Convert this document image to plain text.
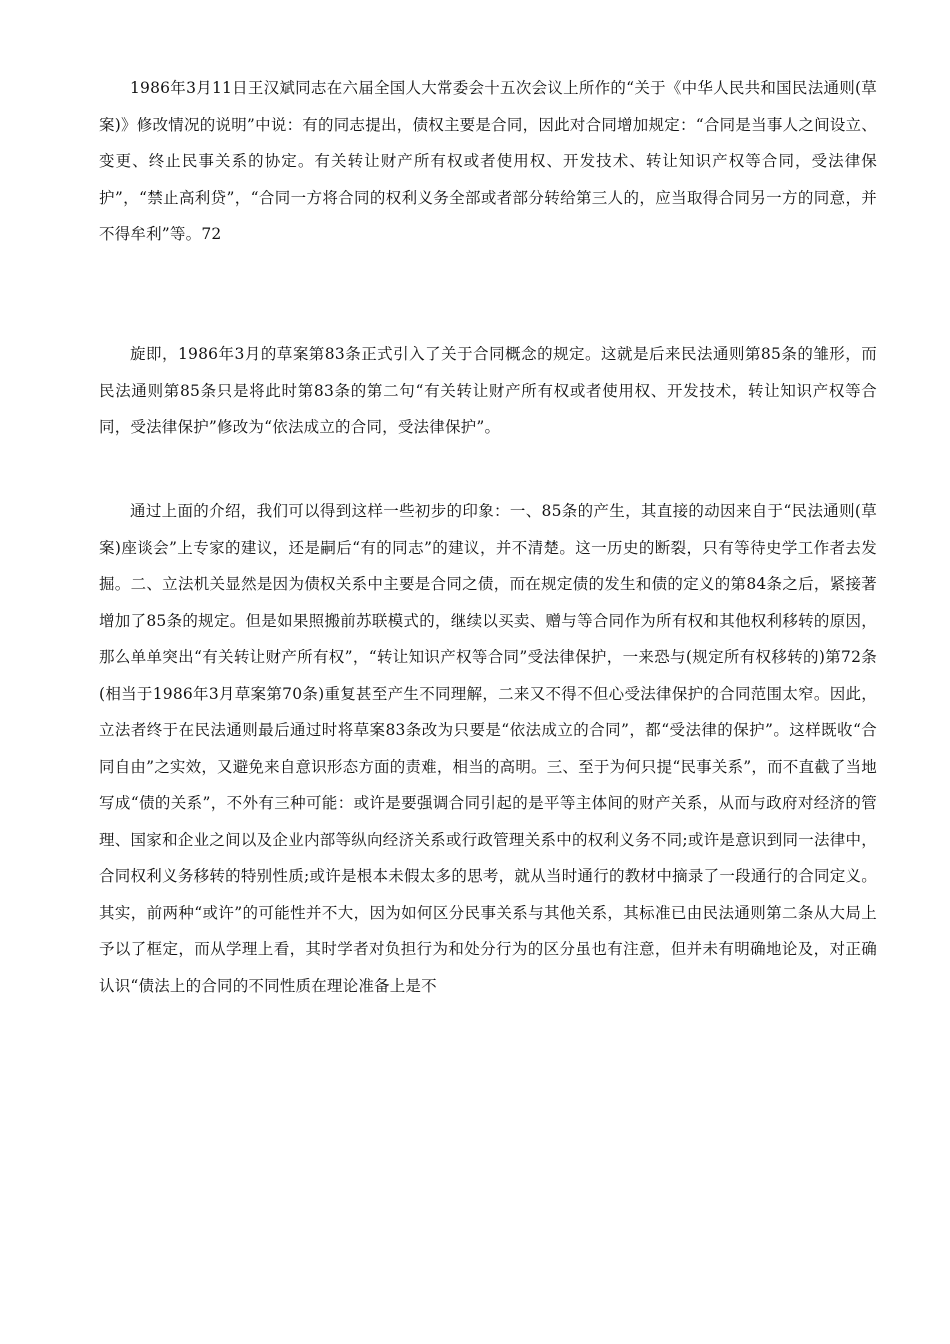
1986年3月11日王汉斌同志在六届全国人大常委会十五次会议上所作的“关于《中华人民共和国民法通则(草案)》修改情况的说明”中说：有的同志提出，债权主要是合同，因此对合同增加规定：“合同是当事人之间设立、变更、终止民事关系的协定。有关转让财产所有权或者使用权、开发技术、转让知识产权等合同，受法律保护”，“禁止高利贷”，“合同一方将合同的权利义务全部或者部分转给第三人的，应当取得合同另一方的同意，并不得牟利”等。72

旋即，1986年3月的草案第83条正式引入了关于合同概念的规定。这就是后来民法通则第85条的雏形，而民法通则第85条只是将此时第83条的第二句“有关转让财产所有权或者使用权、开发技术，转让知识产权等合同，受法律保护”修改为“依法成立的合同，受法律保护”。

通过上面的介绍，我们可以得到这样一些初步的印象：一、85条的产生，其直接的动因来自于“民法通则(草案)座谈会”上专家的建议，还是嗣后“有的同志”的建议，并不清楚。这一历史的断裂，只有等待史学工作者去发掘。二、立法机关显然是因为债权关系中主要是合同之债，而在规定债的发生和债的定义的第84条之后，紧接著增加了85条的规定。但是如果照搬前苏联模式的，继续以买卖、赠与等合同作为所有权和其他权利移转的原因，那么单单突出“有关转让财产所有权”，“转让知识产权等合同”受法律保护，一来恐与(规定所有权移转的)第72条(相当于1986年3月草案第70条)重复甚至产生不同理解，二来又不得不但心受法律保护的合同范围太窄。因此，立法者终于在民法通则最后通过时将草案83条改为只要是“依法成立的合同”，都“受法律的保护”。这样既收“合同自由”之实效，又避免来自意识形态方面的责难，相当的高明。三、至于为何只提“民事关系”，而不直截了当地写成“债的关系”，不外有三种可能：或许是要强调合同引起的是平等主体间的财产关系，从而与政府对经济的管理、国家和企业之间以及企业内部等纵向经济关系或行政管理关系中的权利义务不同;或许是意识到同一法律中，合同权利义务移转的特别性质;或许是根本未假太多的思考，就从当时通行的教材中摘录了一段通行的合同定义。其实，前两种“或许”的可能性并不大，因为如何区分民事关系与其他关系，其标准已由民法通则第二条从大局上予以了框定，而从学理上看，其时学者对负担行为和处分行为的区分虽也有注意，但并未有明确地论及，对正确认识“债法上的合同的不同性质在理论准备上是不
